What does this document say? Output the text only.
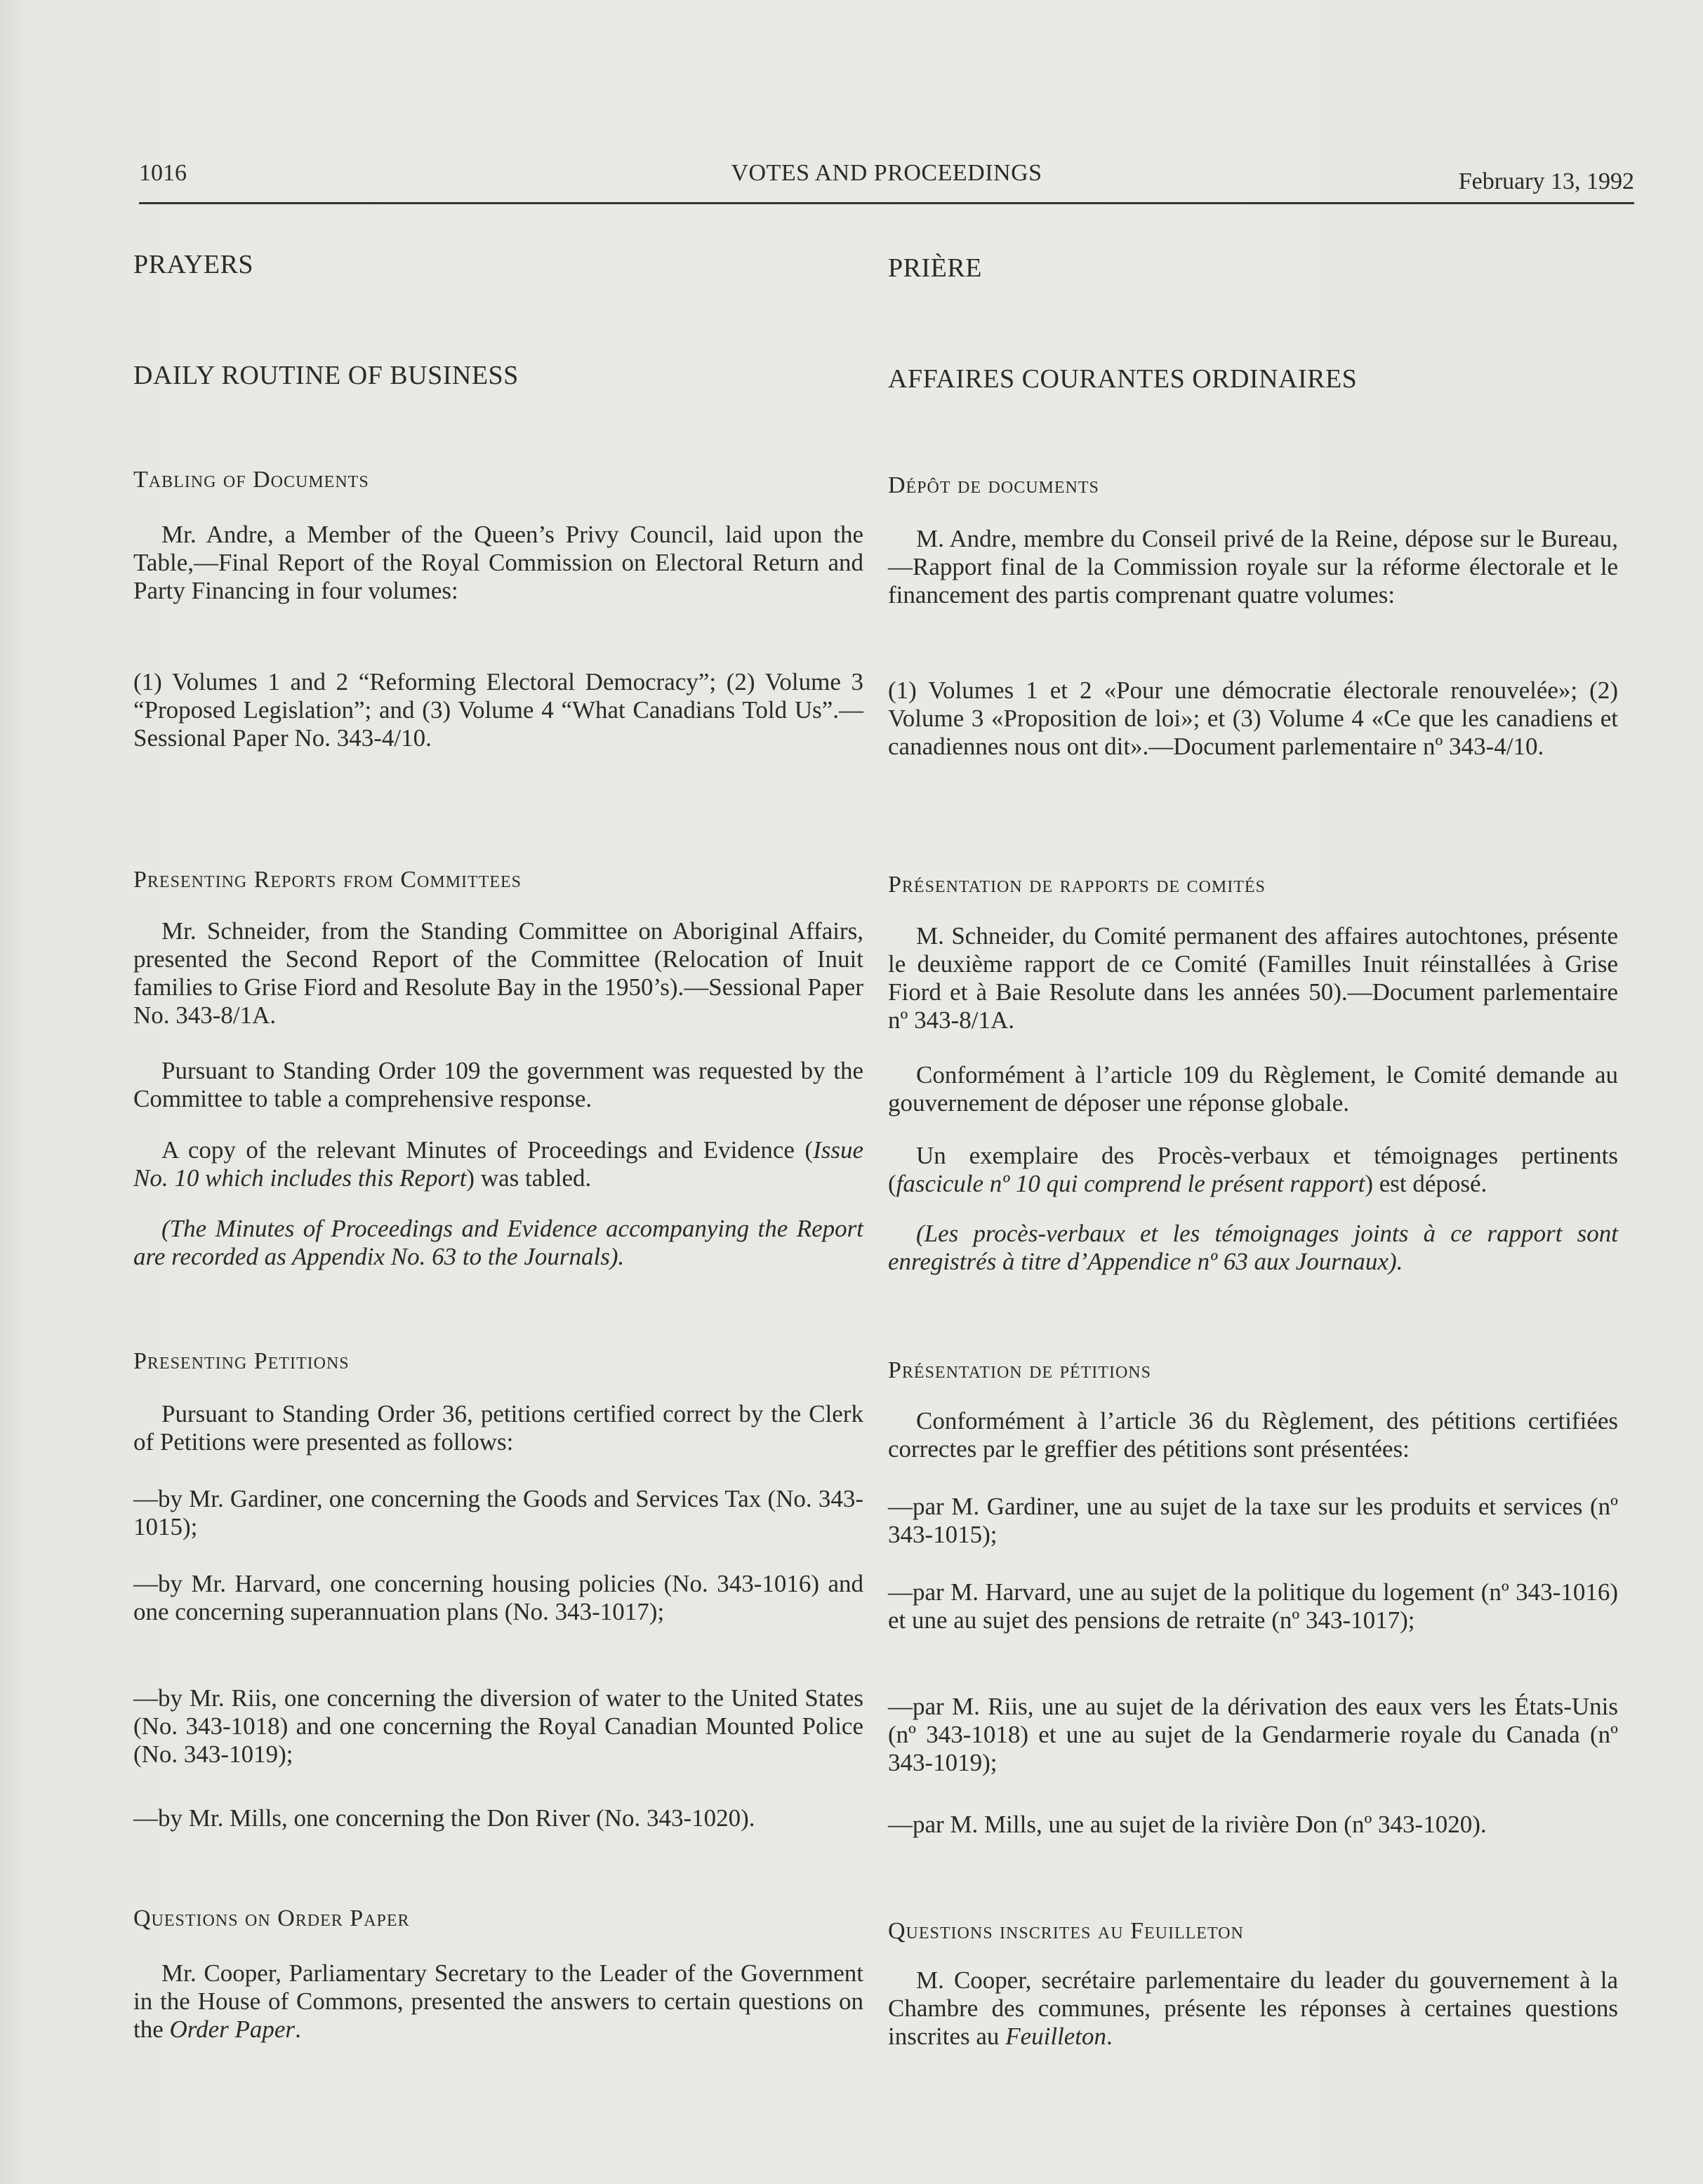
1016	VOTES AND PROCEEDINGS	February 13, 1992
PRAYERS
DAILY ROUTINE OF BUSINESS
Tabling of Documents
Mr. Andre, a Member of the Queen’s Privy Council, laid upon the Table,—Final Report of the Royal Commission on Electoral Return and Party Financing in four volumes:
(1) Volumes 1 and 2 “Reforming Electoral Democracy”; (2) Volume 3 “Proposed Legislation”; and (3) Volume 4 “What Canadians Told Us”.—Sessional Paper No. 343-4/10.
Presenting Reports from Committees
Mr. Schneider, from the Standing Committee on Aboriginal Affairs, presented the Second Report of the Committee (Relocation of Inuit families to Grise Fiord and Resolute Bay in the 1950’s).—Sessional Paper No. 343-8/1A.
Pursuant to Standing Order 109 the government was requested by the Committee to table a comprehensive response.
A copy of the relevant Minutes of Proceedings and Evidence (Issue No. 10 which includes this Report) was tabled.
(The Minutes of Proceedings and Evidence accompanying the Report are recorded as Appendix No. 63 to the Journals).
Presenting Petitions
Pursuant to Standing Order 36, petitions certified correct by the Clerk of Petitions were presented as follows:
—by Mr. Gardiner, one concerning the Goods and Services Tax (No. 343-1015);
—by Mr. Harvard, one concerning housing policies (No. 343-1016) and one concerning superannuation plans (No. 343-1017);
—by Mr. Riis, one concerning the diversion of water to the United States (No. 343-1018) and one concerning the Royal Canadian Mounted Police (No. 343-1019);
—by Mr. Mills, one concerning the Don River (No. 343-1020).
Questions on Order Paper
Mr. Cooper, Parliamentary Secretary to the Leader of the Government in the House of Commons, presented the answers to certain questions on the Order Paper.
PRIÈRE
AFFAIRES COURANTES ORDINAIRES
Dépôt de documents
M. Andre, membre du Conseil privé de la Reine, dépose sur le Bureau,—Rapport final de la Commission royale sur la réforme électorale et le financement des partis comprenant quatre volumes:
(1) Volumes 1 et 2 «Pour une démocratie électorale renouvelée»; (2) Volume 3 «Proposition de loi»; et (3) Volume 4 «Ce que les canadiens et canadiennes nous ont dit».—Document parlementaire nº 343-4/10.
Présentation de rapports de comités
M. Schneider, du Comité permanent des affaires autochtones, présente le deuxième rapport de ce Comité (Familles Inuit réinstallées à Grise Fiord et à Baie Resolute dans les années 50).—Document parlementaire nº 343-8/1A.
Conformément à l’article 109 du Règlement, le Comité demande au gouvernement de déposer une réponse globale.
Un exemplaire des Procès-verbaux et témoignages pertinents (fascicule nº 10 qui comprend le présent rapport) est déposé.
(Les procès-verbaux et les témoignages joints à ce rapport sont enregistrés à titre d’Appendice nº 63 aux Journaux).
Présentation de pétitions
Conformément à l’article 36 du Règlement, des pétitions certifiées correctes par le greffier des pétitions sont présentées:
—par M. Gardiner, une au sujet de la taxe sur les produits et services (nº 343-1015);
—par M. Harvard, une au sujet de la politique du logement (nº 343-1016) et une au sujet des pensions de retraite (nº 343-1017);
—par M. Riis, une au sujet de la dérivation des eaux vers les États-Unis (nº 343-1018) et une au sujet de la Gendarmerie royale du Canada (nº 343-1019);
—par M. Mills, une au sujet de la rivière Don (nº 343-1020).
Questions inscrites au Feuilleton
M. Cooper, secrétaire parlementaire du leader du gouvernement à la Chambre des communes, présente les réponses à certaines questions inscrites au Feuilleton.
